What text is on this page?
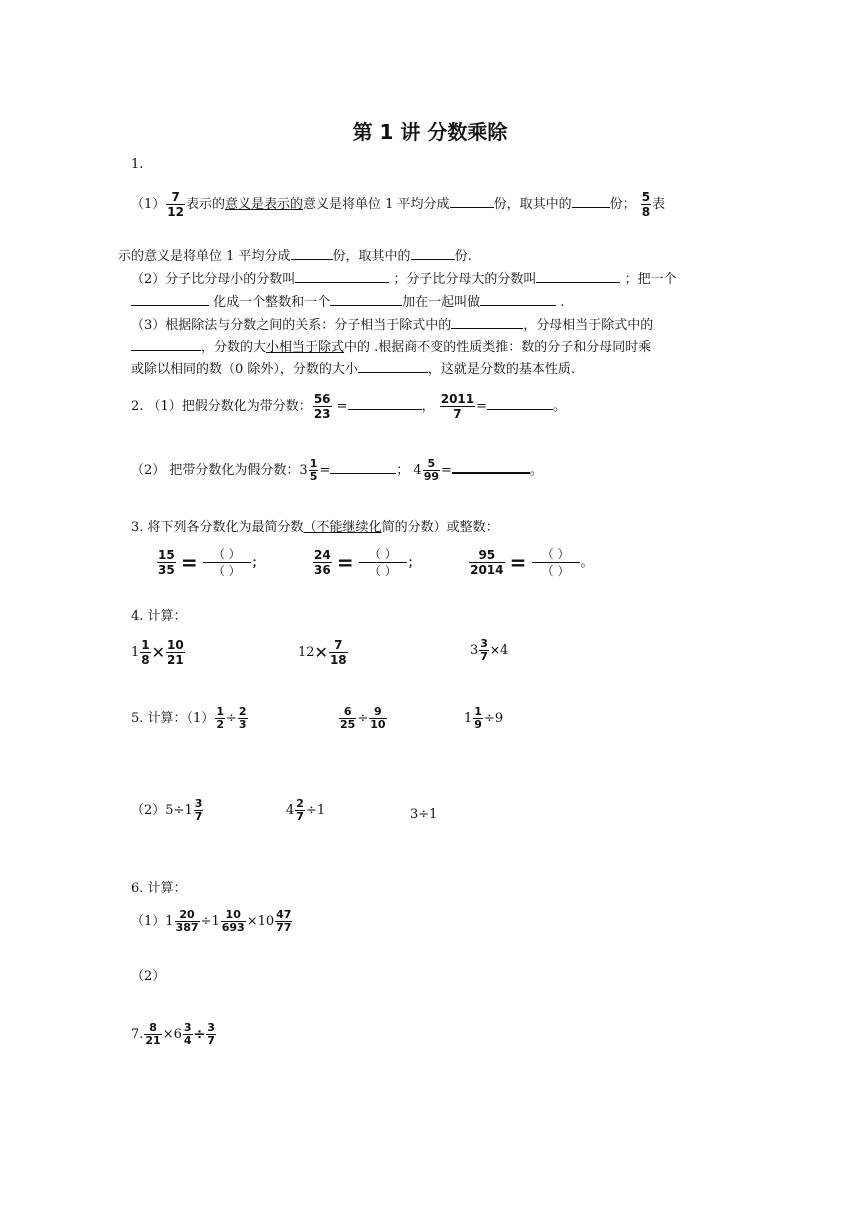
第 1 讲 分数乘除
1.
$(1) \frac{7}{12}$ 表示的意义是表示的意义是将单位 1 平均分成	份，取其中的	份； $\frac{5}{8}$ 表
示的意义是将单位 1 平均分成	份，取其中的	份.
（2）分子比分母小的分数叫	；分子比分母大的分数叫	；把一个
化成一个整数和一个	加在一起叫做	.
（3）根据除法与分数之间的关系：分子相当于除式中的	，分母相当于除式中的
，分数的大小相当于除式中的 .根据商不变的性质类推：数的分子和分母同时乘
或除以相同的数（0 除外），分数的大小	，这就是分数的基本性质.
2. （1）把假分数化为带分数： $\frac{56}{23}$ =	， $\frac{2011}{7}$ =	。
（2） 把带分数化为假分数：$3 \frac{1}{5}$ =	； $4 \frac{5}{99}$ =	。
3. 将下列各分数化为最简分数（不能继续化简的分数）或整数：
$\frac{15}{35}$ = （ ）
（ ）
；	$\frac{24}{36}$ = （ ）
（ ）
；	$\frac{95}{2014}$ = （ ）
（ ）
。
4. 计算：
$1 \frac{1}{8}$ ✕ $\frac{10}{21}$	12✕ $\frac{7}{18}$	$3 \frac{3}{7}$ ✕4
5. 计算：$(1) \frac{1}{2} \div \frac{2}{3}$	$\frac{6}{25} \div \frac{9}{10}$	$1 \frac{1}{9} \div 9$
$(2)5\div 1 \frac{3}{7}$	$4 \frac{2}{7} \div 1$	3÷1
6. 计算：
$(1)1 \frac{20}{387} \div 1 \frac{10}{693} \times 10 \frac{47}{77}$
（2）
7. $\frac{8}{21} \times 6 \frac{3}{4} \div \frac{3}{7}$
